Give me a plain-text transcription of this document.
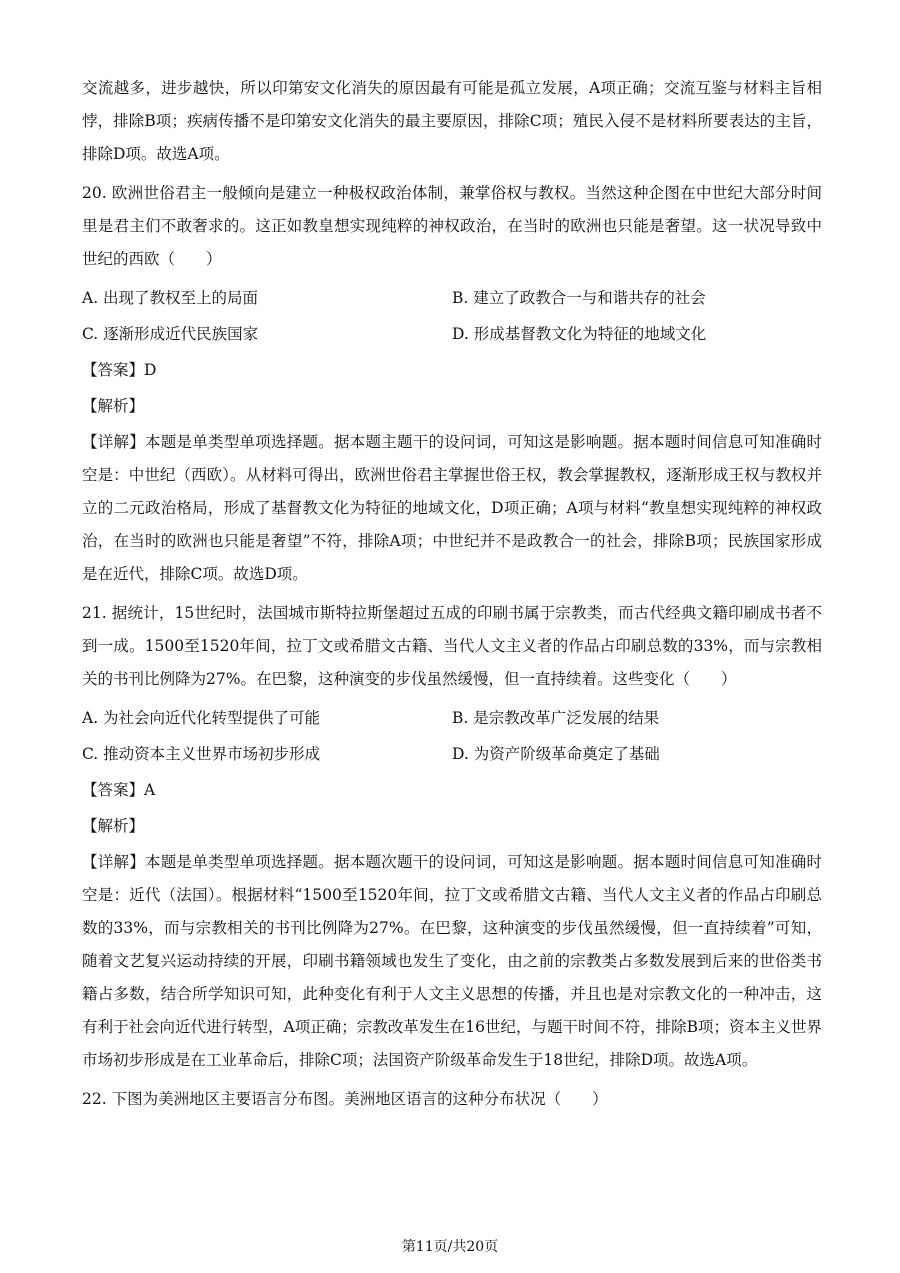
交流越多，进步越快，所以印第安文化消失的原因最有可能是孤立发展，A项正确；交流互鉴与材料主旨相悖，排除B项；疾病传播不是印第安文化消失的最主要原因，排除C项；殖民入侵不是材料所要表达的主旨，排除D项。故选A项。

20. 欧洲世俗君主一般倾向是建立一种极权政治体制，兼掌俗权与教权。当然这种企图在中世纪大部分时间里是君主们不敢奢求的。这正如教皇想实现纯粹的神权政治，在当时的欧洲也只能是奢望。这一状况导致中世纪的西欧（　　）

A. 出现了教权至上的局面	B. 建立了政教合一与和谐共存的社会
C. 逐渐形成近代民族国家	D. 形成基督教文化为特征的地域文化
【答案】D
【解析】

【详解】本题是单类型单项选择题。据本题主题干的设问词，可知这是影响题。据本题时间信息可知准确时空是：中世纪（西欧）。从材料可得出，欧洲世俗君主掌握世俗王权，教会掌握教权，逐渐形成王权与教权并立的二元政治格局，形成了基督教文化为特征的地域文化，D项正确；A项与材料“教皇想实现纯粹的神权政治，在当时的欧洲也只能是奢望”不符，排除A项；中世纪并不是政教合一的社会，排除B项；民族国家形成是在近代，排除C项。故选D项。

21. 据统计，15世纪时，法国城市斯特拉斯堡超过五成的印刷书属于宗教类，而古代经典文籍印刷成书者不到一成。1500至1520年间，拉丁文或希腊文古籍、当代人文主义者的作品占印刷总数的33%，而与宗教相关的书刊比例降为27%。在巴黎，这种演变的步伐虽然缓慢，但一直持续着。这些变化（　　）

A. 为社会向近代化转型提供了可能	B. 是宗教改革广泛发展的结果
C. 推动资本主义世界市场初步形成	D. 为资产阶级革命奠定了基础
【答案】A
【解析】

【详解】本题是单类型单项选择题。据本题次题干的设问词，可知这是影响题。据本题时间信息可知准确时空是：近代（法国）。根据材料“1500至1520年间，拉丁文或希腊文古籍、当代人文主义者的作品占印刷总数的33%，而与宗教相关的书刊比例降为27%。在巴黎，这种演变的步伐虽然缓慢，但一直持续着”可知，随着文艺复兴运动持续的开展，印刷书籍领域也发生了变化，由之前的宗教类占多数发展到后来的世俗类书籍占多数，结合所学知识可知，此种变化有利于人文主义思想的传播，并且也是对宗教文化的一种冲击，这有利于社会向近代进行转型，A项正确；宗教改革发生在16世纪，与题干时间不符，排除B项；资本主义世界市场初步形成是在工业革命后，排除C项；法国资产阶级革命发生于18世纪，排除D项。故选A项。

22. 下图为美洲地区主要语言分布图。美洲地区语言的这种分布状况（　　）

第11页/共20页
